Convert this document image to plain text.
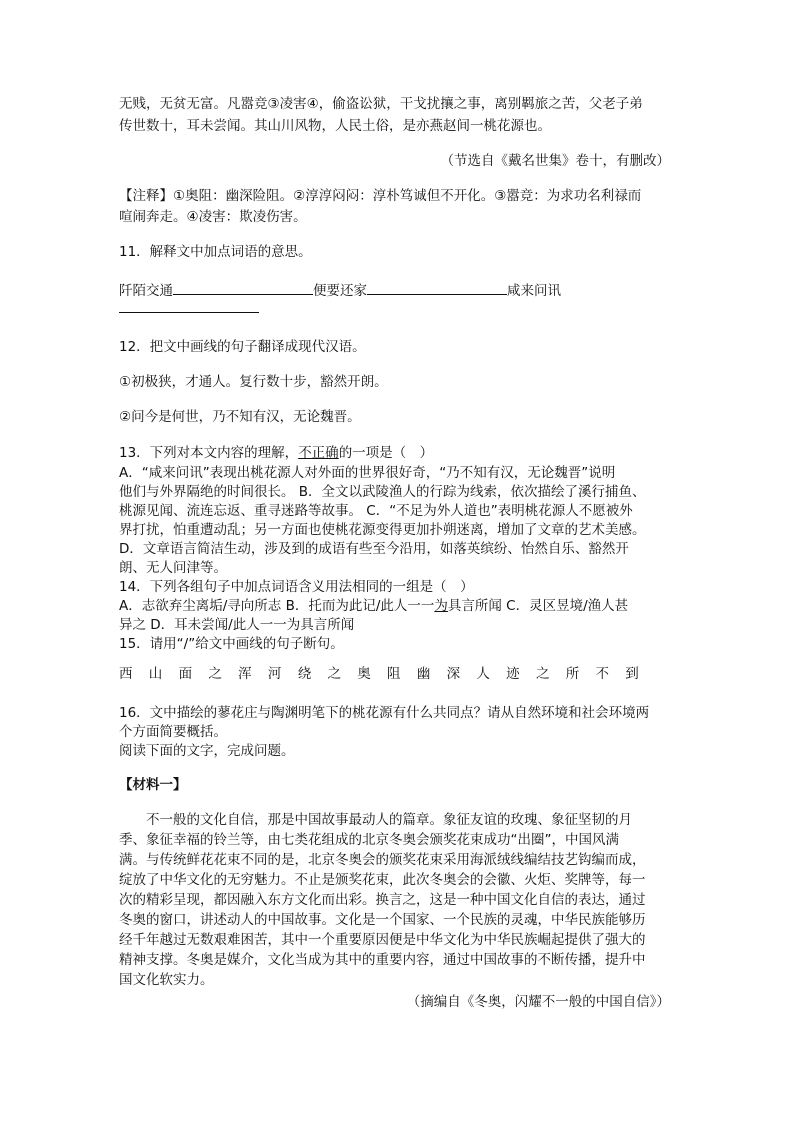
无贱，无贫无富。凡嚣竞③凌害④，偷盗讼狱，干戈扰攘之事，离别羁旅之苦，父老子弟
传世数十，耳未尝闻。其山川风物，人民土俗，是亦燕赵间一桃花源也。
（节选自《戴名世集》卷十，有删改）
【注释】①奥阻：幽深险阻。②淳淳闷闷：淳朴笃诚但不开化。③嚣竞：为求功名利禄而
喧闹奔走。④凌害：欺凌伤害。
11．解释文中加点词语的意思。
阡陌交通	便要还家	咸来问讯
12．把文中画线的句子翻译成现代汉语。
①初极狭，才通人。复行数十步，豁然开朗。
②问今是何世，乃不知有汉，无论魏晋。
13．下列对本文内容的理解，不正确的一项是（　）
A．“咸来问讯”表现出桃花源人对外面的世界很好奇，“乃不知有汉，无论魏晋”说明
他们与外界隔绝的时间很长。 B．全文以武陵渔人的行踪为线索，依次描绘了溪行捕鱼、
桃源见闻、流连忘返、重寻迷路等故事。 C．“不足为外人道也”表明桃花源人不愿被外
界打扰，怕重遭动乱；另一方面也使桃花源变得更加扑朔迷离，增加了文章的艺术美感。
D．文章语言简洁生动，涉及到的成语有些至今沿用，如落英缤纷、怡然自乐、豁然开
朗、无人问津等。
14．下列各组句子中加点词语含义用法相同的一组是（　）
A．志欲弃尘离垢/寻向所志 B．托而为此记/此人一一为具言所闻 C．灵区昱境/渔人甚
异之 D．耳未尝闻/此人一一为具言所闻
15．请用“/”给文中画线的句子断句。
西 山 面 之 浑 河 绕 之 奥 阻 幽 深 人 迹 之 所 不 到
16．文中描绘的蓼花庄与陶渊明笔下的桃花源有什么共同点？请从自然环境和社会环境两
个方面简要概括。
阅读下面的文字，完成问题。
【材料一】
　　不一般的文化自信，那是中国故事最动人的篇章。象征友谊的玫瑰、象征坚韧的月
季、象征幸福的铃兰等，由七类花组成的北京冬奥会颁奖花束成功“出圈”，中国风满
满。与传统鲜花花束不同的是，北京冬奥会的颁奖花束采用海派绒线编结技艺钩编而成，
绽放了中华文化的无穷魅力。不止是颁奖花束，此次冬奥会的会徽、火炬、奖牌等，每一
次的精彩呈现，都因融入东方文化而出彩。换言之，这是一种中国文化自信的表达，通过
冬奥的窗口，讲述动人的中国故事。文化是一个国家、一个民族的灵魂，中华民族能够历
经千年越过无数艰难困苦，其中一个重要原因便是中华文化为中华民族崛起提供了强大的
精神支撑。冬奥是媒介，文化当成为其中的重要内容，通过中国故事的不断传播，提升中
国文化软实力。
（摘编自《冬奥，闪耀不一般的中国自信》）
